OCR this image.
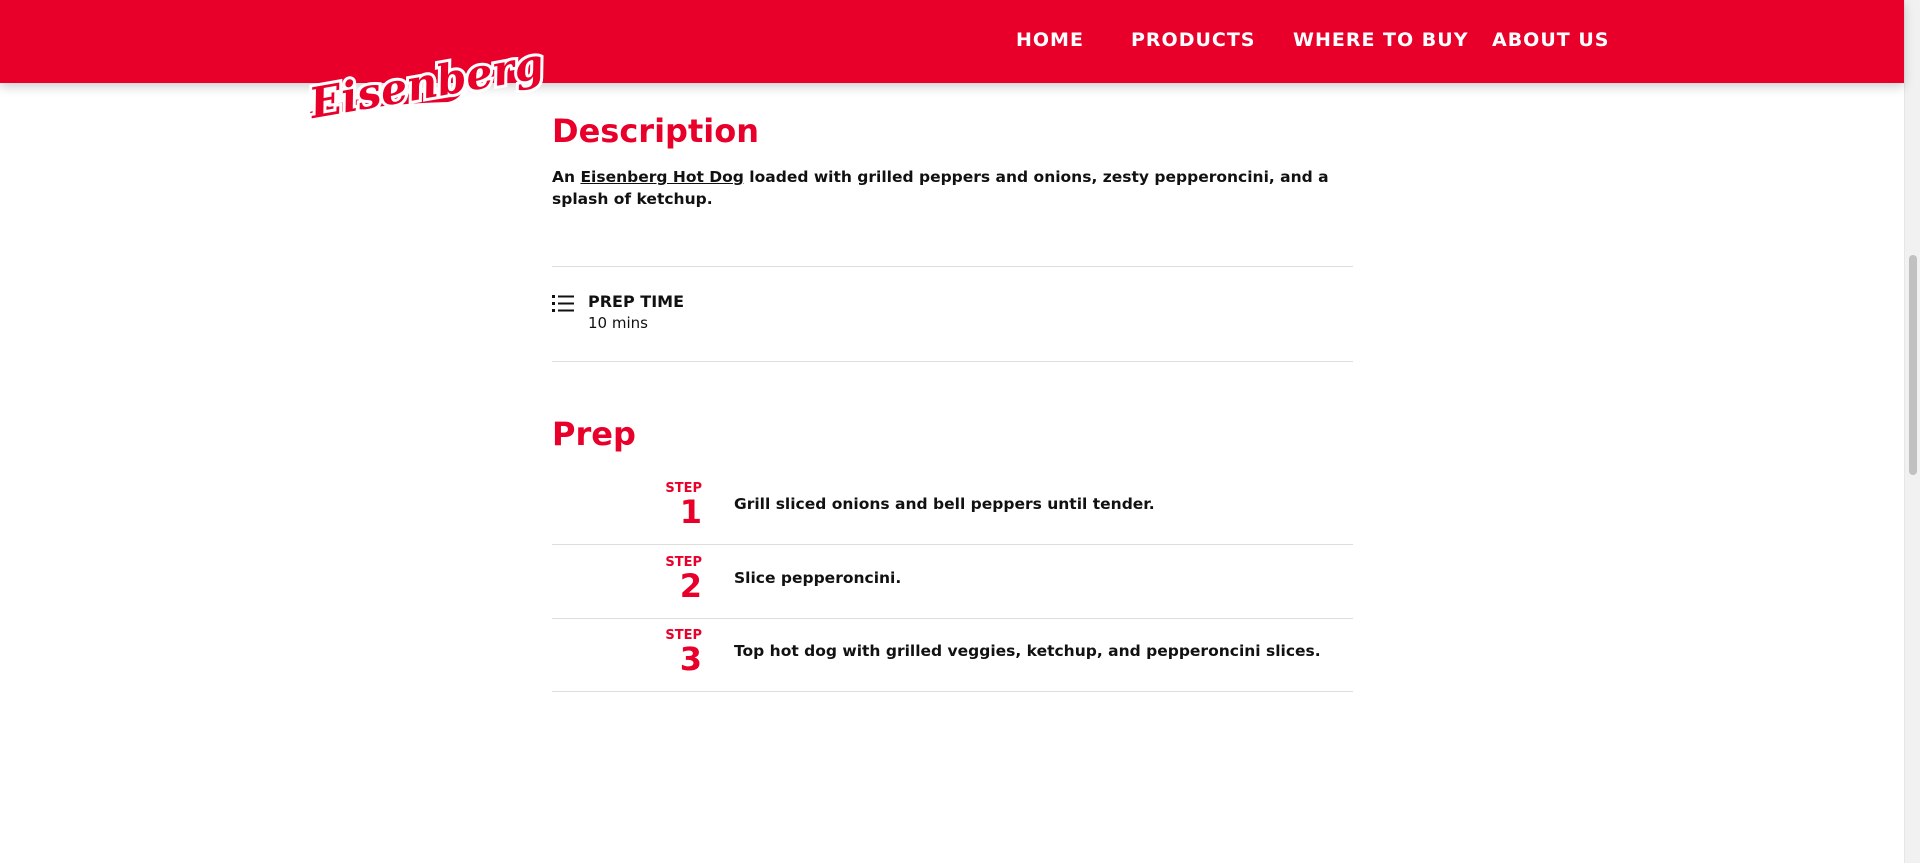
HOME PRODUCTS WHERE TO BUY ABOUT US
Eisenberg
Description

An Eisenberg Hot Dog loaded with grilled peppers and onions, zesty pepperoncini, and a splash of ketchup.

PREP TIME
10 mins
Prep
STEP
1 Grill sliced onions and bell peppers until tender.
STEP
2 Slice pepperoncini.
STEP
3 Top hot dog with grilled veggies, ketchup, and pepperoncini slices.
